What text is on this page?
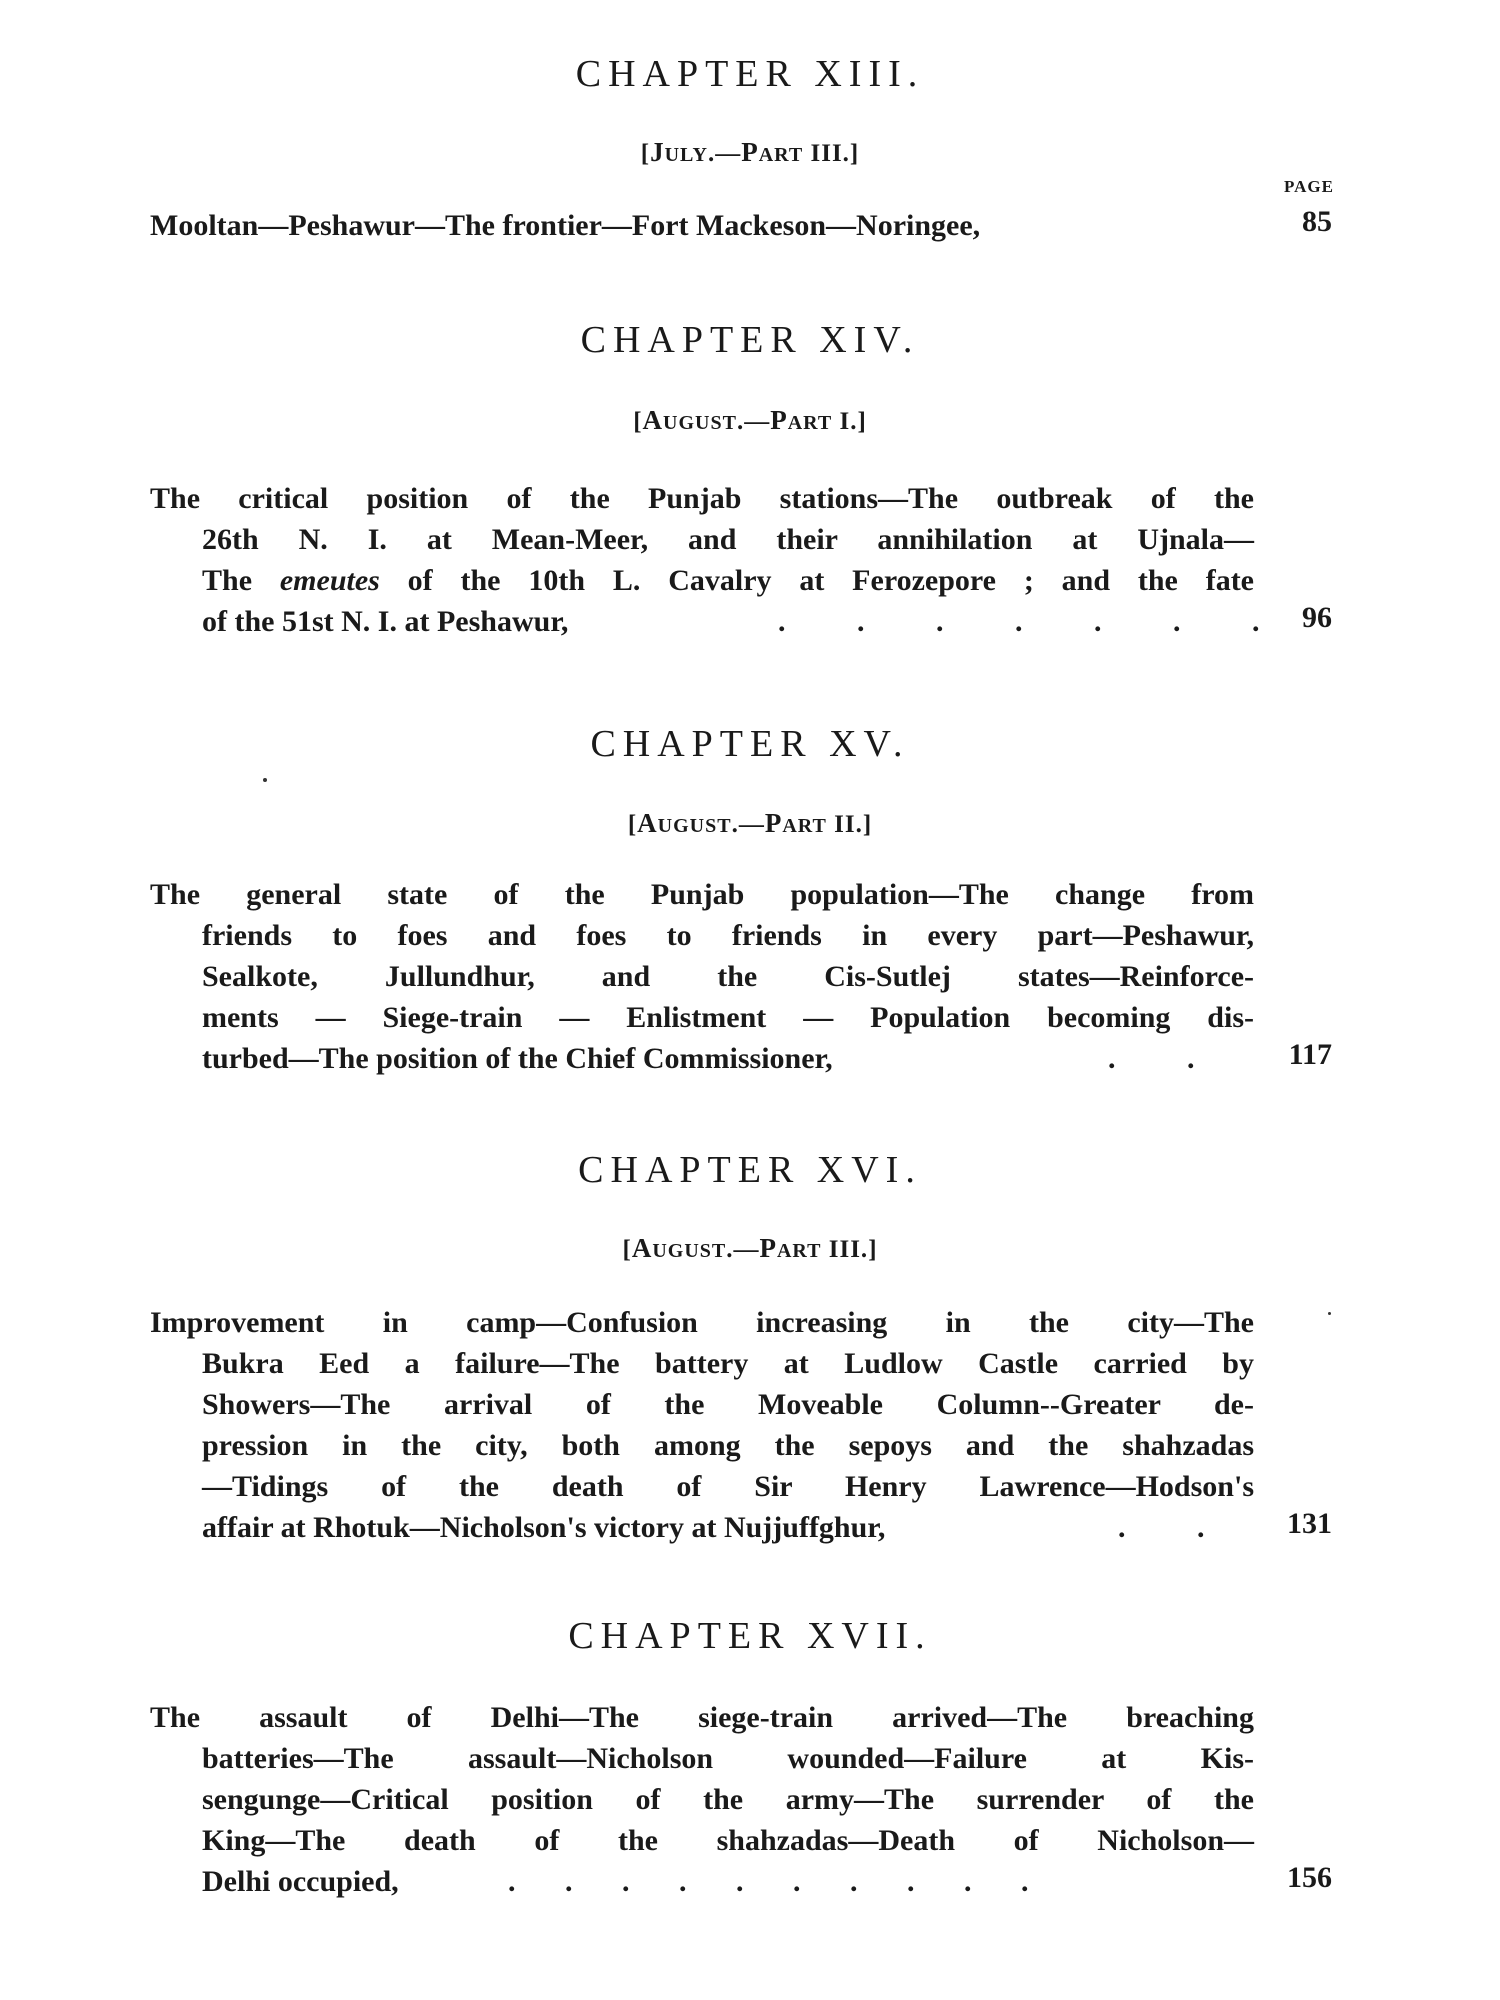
CHAPTER XIII.
[JULY.—PART III.]
PAGE
Mooltan—Peshawur—The frontier—Fort Mackeson—Noringee,	85
CHAPTER XIV.
[AUGUST.—PART I.]
The critical position of the Punjab stations—The outbreak of the
26th N. I. at Mean-Meer, and their annihilation at Ujnala—
The emeutes of the 10th L. Cavalry at Ferozepore ; and the fate
of the 51st N. I. at Peshawur,	. . . . . . . 96
CHAPTER XV.
[AUGUST.—PART II.]
The general state of the Punjab population—The change from
friends to foes and foes to friends in every part—Peshawur,
Sealkote, Jullundhur, and the Cis-Sutlej states—Reinforce-
ments — Siege-train — Enlistment — Population becoming dis-
turbed—The position of the Chief Commissioner,	. . 117
CHAPTER XVI.
[AUGUST.—PART III.]
Improvement in camp—Confusion increasing in the city—The
Bukra Eed a failure—The battery at Ludlow Castle carried by
Showers—The arrival of the Moveable Column--Greater de-
pression in the city, both among the sepoys and the shahzadas
—Tidings of the death of Sir Henry Lawrence—Hodson's
affair at Rhotuk—Nicholson's victory at Nujjuffghur,	. . 131
CHAPTER XVII.
The assault of Delhi—The siege-train arrived—The breaching
batteries—The assault—Nicholson wounded—Failure at Kis-
sengunge—Critical position of the army—The surrender of the
King—The death of the shahzadas—Death of Nicholson—
Delhi occupied,	. . . . . . . . . .	156
